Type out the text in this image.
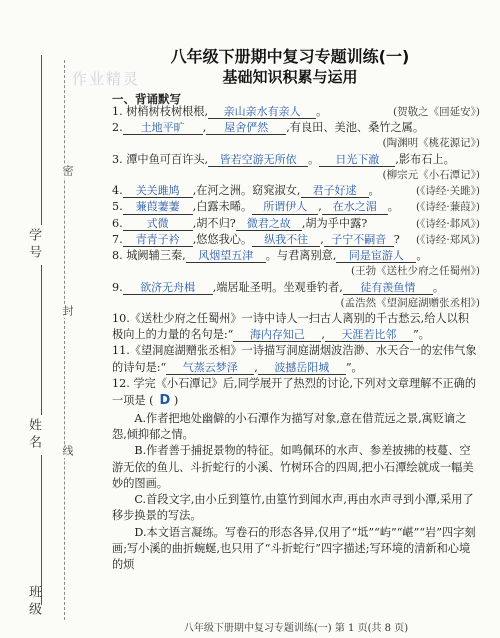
密
封
线
学号
姓名
班级
作业精灵
八年级下册期中复习专题训练(一)
基础知识积累与运用
一、背诵默写
1. 树梢树枝树根根,	亲山亲水有亲人	。	(贺敬之《回延安》)
2.	土地平旷	,	屋舍俨然	,有良田、美池、桑竹之属。
(陶渊明《桃花源记》)
3. 潭中鱼可百许头,	皆若空游无所依	。	日光下澈	,影布石上。
(柳宗元《小石潭记》)
4.	关关雎鸠	,在河之洲。窈窕淑女,	君子好逑	。	(《诗经·关雎》)
5.	蒹葭萋萋	,白露未晞。	所谓伊人 ,	在水之湄 。 (《诗经·蒹葭》)
6.	式微	,胡不归?	微君之故 ,胡为乎中露?	(《诗经·邶风》)
7.	青青子衿	,悠悠我心。	纵我不往	, 子宁不嗣音 ? (《诗经·郑风》)
8. 城阙辅三秦,	风烟望五津	。与君离别意,	同是宦游人	。
(王勃《送杜少府之任蜀州》)
9.	欲济无舟楫	,端居耻圣明。坐观垂钓者,	徒有羡鱼情	。
(孟浩然《望洞庭湖赠张丞相》)
10.《送杜少府之任蜀州》一诗中诗人一扫古人离别的千古愁云,给人以积极向上的力量的名句是:“ 海内存知己 , 天涯若比邻 ”。
11.《望洞庭湖赠张丞相》一诗描写洞庭湖烟波浩渺、水天合一的宏伟气象的诗句是:“ 气蒸云梦泽 , 波撼岳阳城 ”。
12. 学完《小石潭记》后,同学展开了热烈的讨论,下列对文章理解不正确的一项是 ( D )
A.作者把地处幽僻的小石潭作为描写对象,意在借荒远之景,寓贬谪之怨,倾抑郁之情。
B.作者善于捕捉景物的特征。如鸣佩环的水声、参差披拂的枝蔓、空游无依的鱼儿、斗折蛇行的小溪、竹树环合的四周,把小石潭绘就成一幅美妙的图画。
C.首段文字,由小丘到篁竹,由篁竹到闻水声,再由水声寻到小潭,采用了移步换景的写法。
D.本文语言凝练。写卷石的形态各异,仅用了“坻”“屿”“嵁”“岩”四字刻画;写小溪的曲折蜿蜒,也只用了“斗折蛇行”四字描述;写环境的清新和心境的烦
八年级下册期中复习专题训练(一) 第 1 页(共 8 页)
